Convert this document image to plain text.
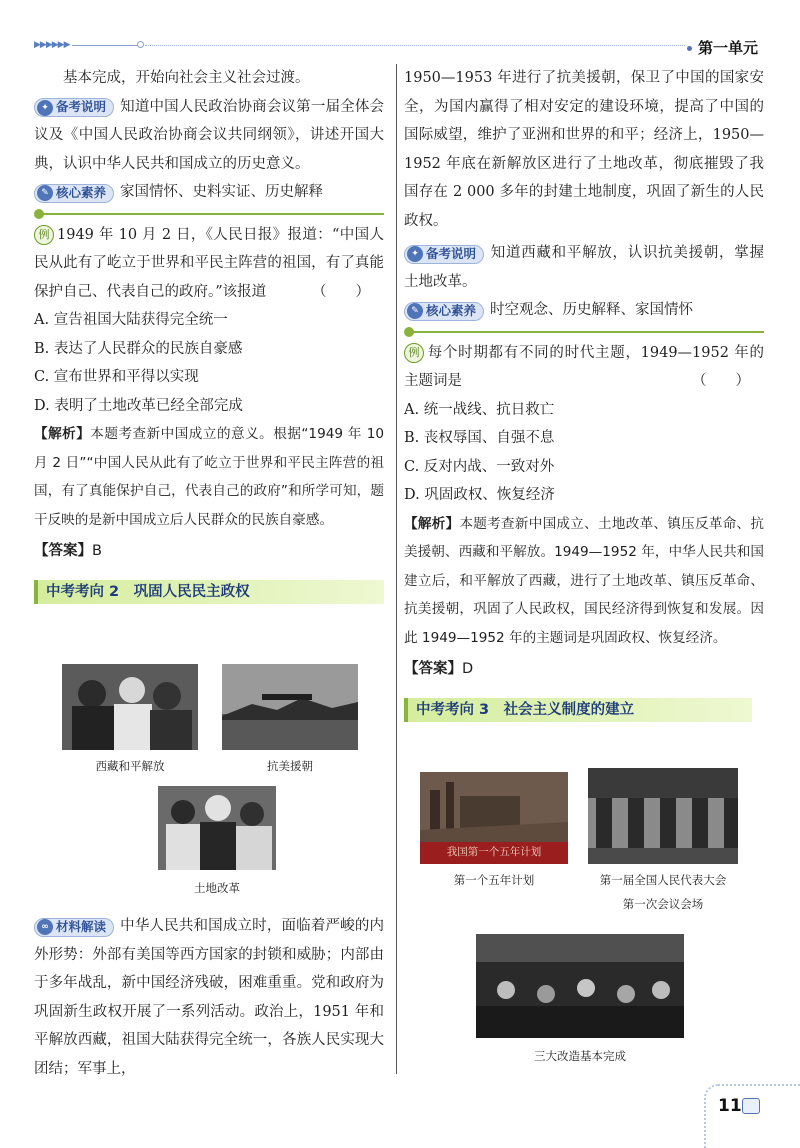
▶▶▶▶▶▶	第一单元

基本完成，开始向社会主义社会过渡。

✦ 备考说明 知道中国人民政治协商会议第一届全体会议及《中国人民政治协商会议共同纲领》，讲述开国大典，认识中华人民共和国成立的历史意义。

✎ 核心素养 家国情怀、史料实证、历史解释

例 1949 年 10 月 2 日，《人民日报》报道：“中国人民从此有了屹立于世界和平民主阵营的祖国，有了真能保护自己、代表自己的政府。”该报道	（　　）

A. 宣告祖国大陆获得完全统一

B. 表达了人民群众的民族自豪感

C. 宣布世界和平得以实现

D. 表明了土地改革已经全部完成

【解析】本题考查新中国成立的意义。根据“1949 年 10 月 2 日”“中国人民从此有了屹立于世界和平民主阵营的祖国，有了真能保护自己，代表自己的政府”和所学可知，题干反映的是新中国成立后人民群众的民族自豪感。

【答案】B

中考考向 2　巩固人民民主政权
西藏和平解放	抗美援朝
土地改革

∞ 材料解读 中华人民共和国成立时，面临着严峻的内外形势：外部有美国等西方国家的封锁和威胁；内部由于多年战乱，新中国经济残破，困难重重。党和政府为巩固新生政权开展了一系列活动。政治上，1951 年和平解放西藏，祖国大陆获得完全统一，各族人民实现大团结；军事上，

1950—1953 年进行了抗美援朝，保卫了中国的国家安全，为国内赢得了相对安定的建设环境，提高了中国的国际威望，维护了亚洲和世界的和平；经济上，1950—1952 年底在新解放区进行了土地改革，彻底摧毁了我国存在 2 000 多年的封建土地制度，巩固了新生的人民政权。

✦ 备考说明 知道西藏和平解放，认识抗美援朝，掌握土地改革。

✎ 核心素养 时空观念、历史解释、家国情怀

例 每个时期都有不同的时代主题，1949—1952 年的主题词是	（　　）

A. 统一战线、抗日救亡

B. 丧权辱国、自强不息

C. 反对内战、一致对外

D. 巩固政权、恢复经济

【解析】本题考查新中国成立、土地改革、镇压反革命、抗美援朝、西藏和平解放。1949—1952 年，中华人民共和国建立后，和平解放了西藏，进行了土地改革、镇压反革命、抗美援朝，巩固了人民政权，国民经济得到恢复和发展。因此 1949—1952 年的主题词是巩固政权、恢复经济。

【答案】D

中考考向 3　社会主义制度的建立
我国第一个五年计划
第一个五年计划	第一届全国人民代表大会
第一次会议会场
三大改造基本完成
11
